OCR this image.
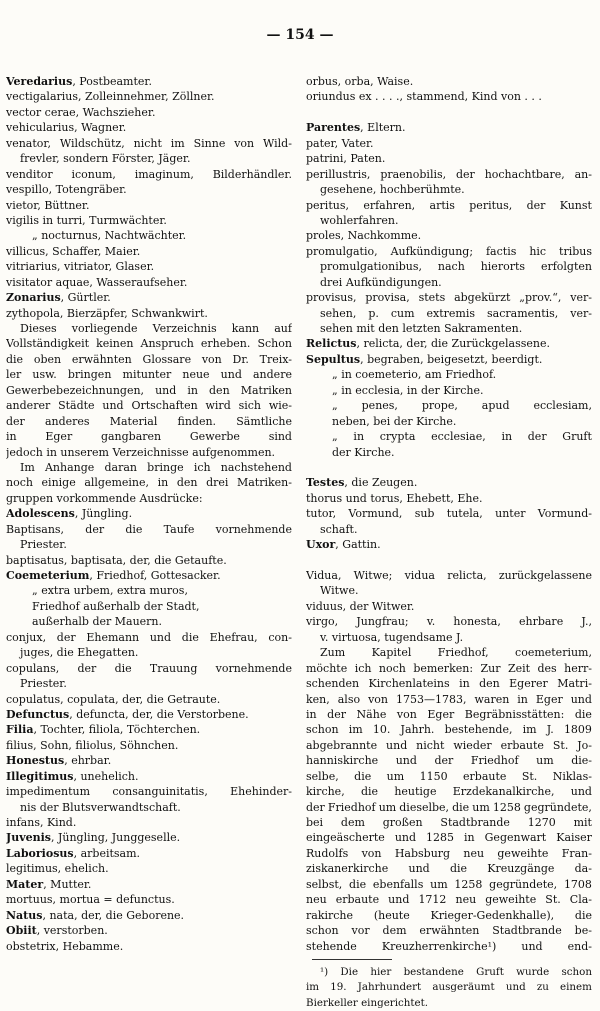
— 154 —
Veredarius, Postbeamter.
vectigalarius, Zolleinnehmer, Zöllner.
vector cerae, Wachszieher.
vehicularius, Wagner.
venator, Wildschütz, nicht im Sinne von Wild-
frevler, sondern Förster, Jäger.
venditor iconum, imaginum, Bilderhändler.
vespillo, Totengräber.
vietor, Büttner.
vigilis in turri, Turmwächter.
„ nocturnus, Nachtwächter.
villicus, Schaffer, Maier.
vitriarius, vitriator, Glaser.
visitator aquae, Wasseraufseher.
Zonarius, Gürtler.
zythopola, Bierzäpfer, Schwankwirt.
Dieses vorliegende Verzeichnis kann auf
Vollständigkeit keinen Anspruch erheben. Schon
die oben erwähnten Glossare von Dr. Treix-
ler usw. bringen mitunter neue und andere
Gewerbebezeichnungen, und in den Matriken
anderer Städte und Ortschaften wird sich wie-
der anderes Material finden. Sämtliche
in	Eger	gangbaren	Gewerbe	sind
jedoch in unserem Verzeichnisse aufgenommen.
Im Anhange daran bringe ich nachstehend
noch einige allgemeine, in den drei Matriken-
gruppen vorkommende Ausdrücke:
Adolescens, Jüngling.
Baptisans, der die Taufe vornehmende
Priester.
baptisatus, baptisata, der, die Getaufte.
Coemeterium, Friedhof, Gottesacker.
„ extra urbem, extra muros,
Friedhof außerhalb der Stadt,
außerhalb der Mauern.
conjux, der Ehemann und die Ehefrau, con-
juges, die Ehegatten.
copulans, der die Trauung vornehmende
Priester.
copulatus, copulata, der, die Getraute.
Defunctus, defuncta, der, die Verstorbene.
Filia, Tochter, filiola, Töchterchen.
filius, Sohn, filiolus, Söhnchen.
Honestus, ehrbar.
Illegitimus, unehelich.
impedimentum consanguinitatis, Ehehinder-
nis der Blutsverwandtschaft.
infans, Kind.
Juvenis, Jüngling, Junggeselle.
Laboriosus, arbeitsam.
legitimus, ehelich.
Mater, Mutter.
mortuus, mortua = defunctus.
Natus, nata, der, die Geborene.
Obiit, verstorben.
obstetrix, Hebamme.
orbus, orba, Waise.
oriundus ex . . . ., stammend, Kind von . . .

Parentes, Eltern.
pater, Vater.
patrini, Paten.
perillustris, praenobilis, der hochachtbare, an-
gesehene, hochberühmte.
peritus, erfahren, artis peritus, der Kunst
wohlerfahren.
proles, Nachkomme.
promulgatio, Aufkündigung; factis hic tribus
promulgationibus, nach hierorts erfolgten
drei Aufkündigungen.
provisus, provisa, stets abgekürzt „prov.“, ver-
sehen, p. cum extremis sacramentis, ver-
sehen mit den letzten Sakramenten.
Relictus, relicta, der, die Zurückgelassene.
Sepultus, begraben, beigesetzt, beerdigt.
„ in coemeterio, am Friedhof.
„ in ecclesia, in der Kirche.
„ penes, prope, apud ecclesiam,
neben, bei der Kirche.
„ in crypta ecclesiae, in der Gruft
der Kirche.

Testes, die Zeugen.
thorus und torus, Ehebett, Ehe.
tutor, Vormund, sub tutela, unter Vormund-
schaft.
Uxor, Gattin.

Vidua, Witwe; vidua relicta, zurückgelassene
Witwe.
viduus, der Witwer.
virgo, Jungfrau; v. honesta, ehrbare J.,
v. virtuosa, tugendsame J.
Zum Kapitel Friedhof, coemeterium,
möchte ich noch bemerken: Zur Zeit des herr-
schenden Kirchenlateins in den Egerer Matri-
ken, also von 1753—1783, waren in Eger und
in der Nähe von Eger Begräbnisstätten: die
schon im 10. Jahrh. bestehende, im J. 1809
abgebrannte und nicht wieder erbaute St. Jo-
hanniskirche und der Friedhof um die-
selbe, die um 1150 erbaute St. Niklas-
kirche, die heutige Erzdekanalkirche, und
der Friedhof um dieselbe, die um 1258 gegründete,
bei dem großen Stadtbrande 1270 mit
eingeäscherte und 1285 in Gegenwart Kaiser
Rudolfs von Habsburg neu geweihte Fran-
ziskanerkirche und die Kreuzgänge da-
selbst, die ebenfalls um 1258 gegründete, 1708
neu erbaute und 1712 neu geweihte St. Cla-
rakirche (heute Krieger-Gedenkhalle), die
schon vor dem erwähnten Stadtbrande be-
stehende Kreuzherrenkirche¹) und end-
¹) Die hier bestandene Gruft wurde schon
im 19. Jahrhundert ausgeräumt und zu einem
Bierkeller eingerichtet.
